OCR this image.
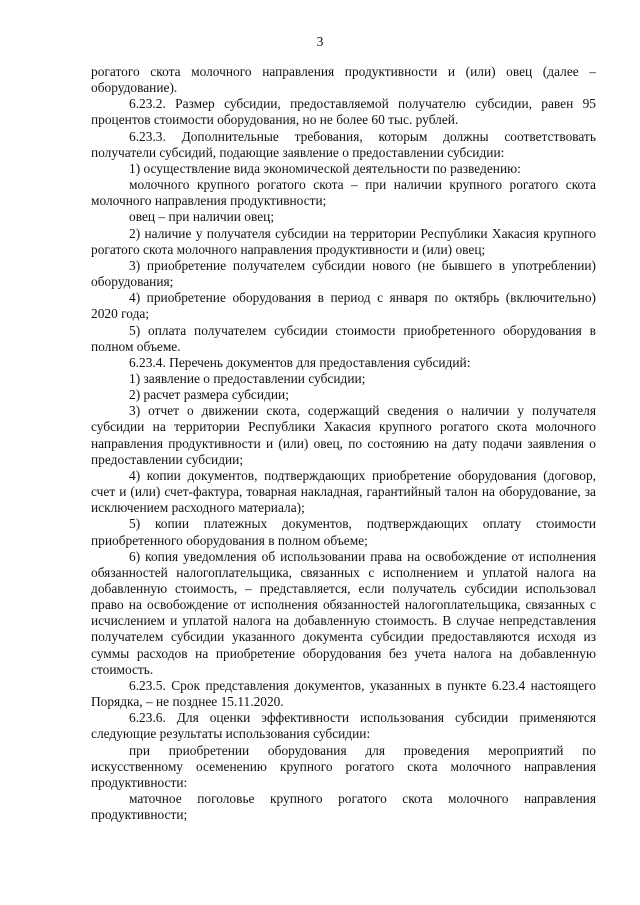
3

рогатого скота молочного направления продуктивности и (или) овец (далее – оборудование).

6.23.2. Размер субсидии, предоставляемой получателю субсидии, равен 95 процентов стоимости оборудования, но не более 60 тыс. рублей.

6.23.3. Дополнительные требования, которым должны соответствовать получатели субсидий, подающие заявление о предоставлении субсидии:

1) осуществление вида экономической деятельности по разведению:

молочного крупного рогатого скота – при наличии крупного рогатого скота молочного направления продуктивности;

овец – при наличии овец;

2) наличие у получателя субсидии на территории Республики Хакасия крупного рогатого скота молочного направления продуктивности и (или) овец;

3) приобретение получателем субсидии нового (не бывшего в употреблении) оборудования;

4) приобретение оборудования в период с января по октябрь (включительно) 2020 года;

5) оплата получателем субсидии стоимости приобретенного оборудования в полном объеме.

6.23.4. Перечень документов для предоставления субсидий:

1) заявление о предоставлении субсидии;

2) расчет размера субсидии;

3) отчет о движении скота, содержащий сведения о наличии у получателя субсидии на территории Республики Хакасия крупного рогатого скота молочного направления продуктивности и (или) овец, по состоянию на дату подачи заявления о предоставлении субсидии;

4) копии документов, подтверждающих приобретение оборудования (договор, счет и (или) счет-фактура, товарная накладная, гарантийный талон на оборудование, за исключением расходного материала);

5) копии платежных документов, подтверждающих оплату стоимости приобретенного оборудования в полном объеме;

6) копия уведомления об использовании права на освобождение от исполнения обязанностей налогоплательщика, связанных с исполнением и уплатой налога на добавленную стоимость, – представляется, если получатель субсидии использовал право на освобождение от исполнения обязанностей налогоплательщика, связанных с исчислением и уплатой налога на добавленную стоимость. В случае непредставления получателем субсидии указанного документа субсидии предоставляются исходя из суммы расходов на приобретение оборудования без учета налога на добавленную стоимость.

6.23.5. Срок представления документов, указанных в пункте 6.23.4 настоящего Порядка, – не позднее 15.11.2020.

6.23.6. Для оценки эффективности использования субсидии применяются следующие результаты использования субсидии:

при приобретении оборудования для проведения мероприятий по искусственному осеменению крупного рогатого скота молочного направления продуктивности:

маточное поголовье крупного рогатого скота молочного направления продуктивности;
